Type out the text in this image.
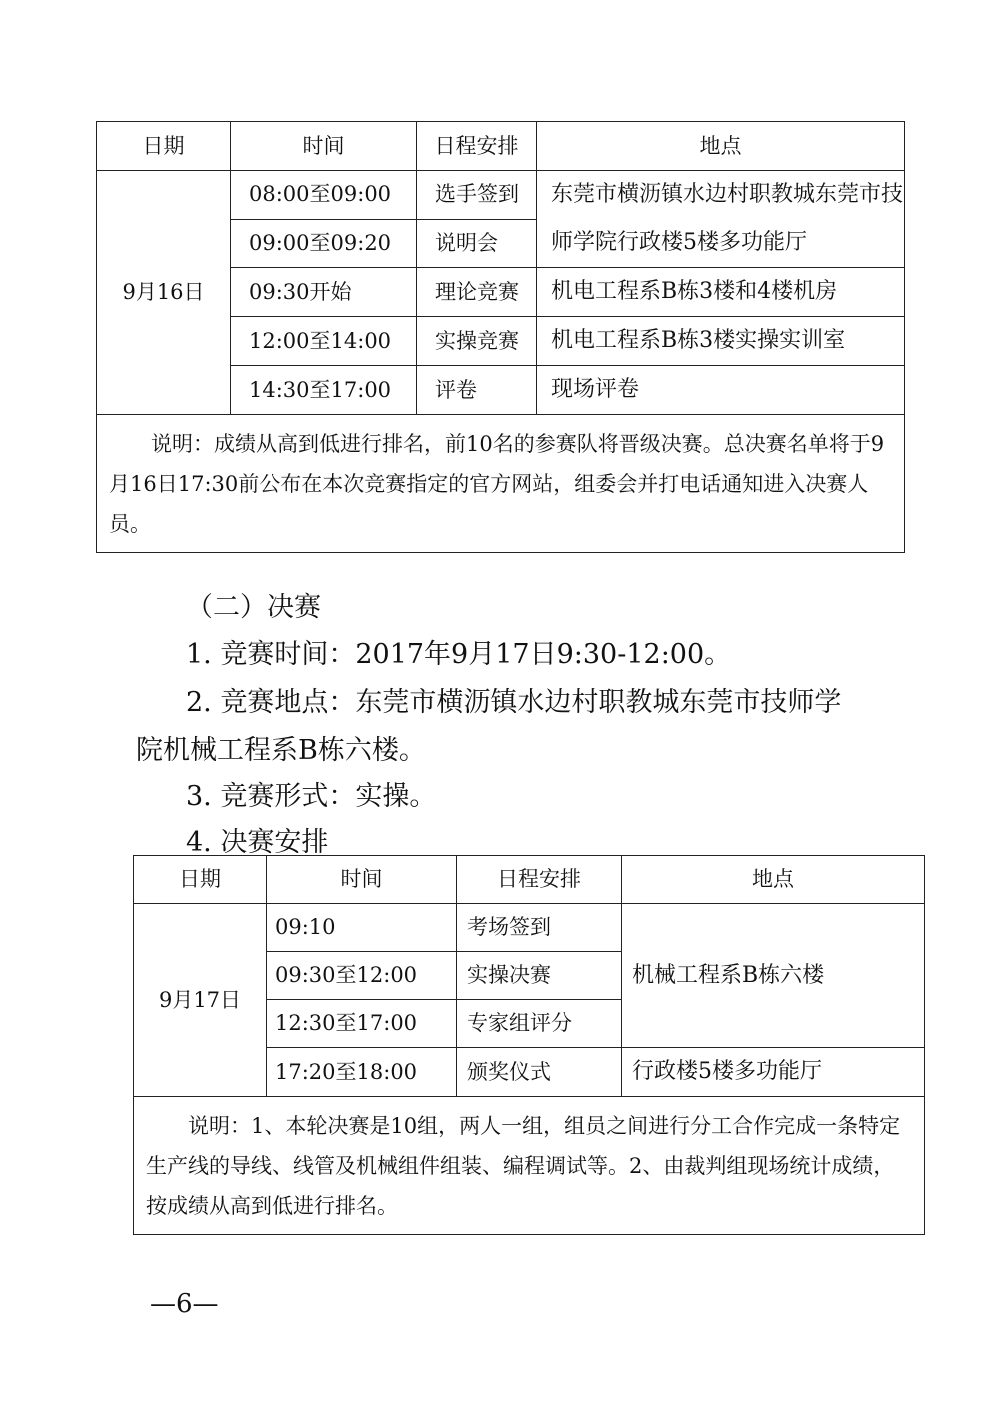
日期	时间	日程安排	地点
9月16日	08:00至09:00	选手签到	东莞市横沥镇水边村职教城东莞市技师学院行政楼5楼多功能厅
	09:00至09:20	说明会	
	09:30开始	理论竞赛	机电工程系B栋3楼和4楼机房
	12:00至14:00	实操竞赛	机电工程系B栋3楼实操实训室
	14:30至17:00	评卷	现场评卷
说明：成绩从高到低进行排名，前10名的参赛队将晋级决赛。总决赛名单将于9月16日17:30前公布在本次竞赛指定的官方网站，组委会并打电话通知进入决赛人员。			
（二）决赛
1. 竞赛时间：2017年9月17日9:30-12:00。
2. 竞赛地点：东莞市横沥镇水边村职教城东莞市技师学
院机械工程系B栋六楼。
3. 竞赛形式：实操。
4. 决赛安排
日期	时间	日程安排	地点
9月17日	09:10	考场签到	机械工程系B栋六楼
	09:30至12:00	实操决赛	
	12:30至17:00	专家组评分	
	17:20至18:00	颁奖仪式	行政楼5楼多功能厅
说明：1、本轮决赛是10组，两人一组，组员之间进行分工合作完成一条特定生产线的导线、线管及机械组件组装、编程调试等。2、由裁判组现场统计成绩，按成绩从高到低进行排名。			
—6—
